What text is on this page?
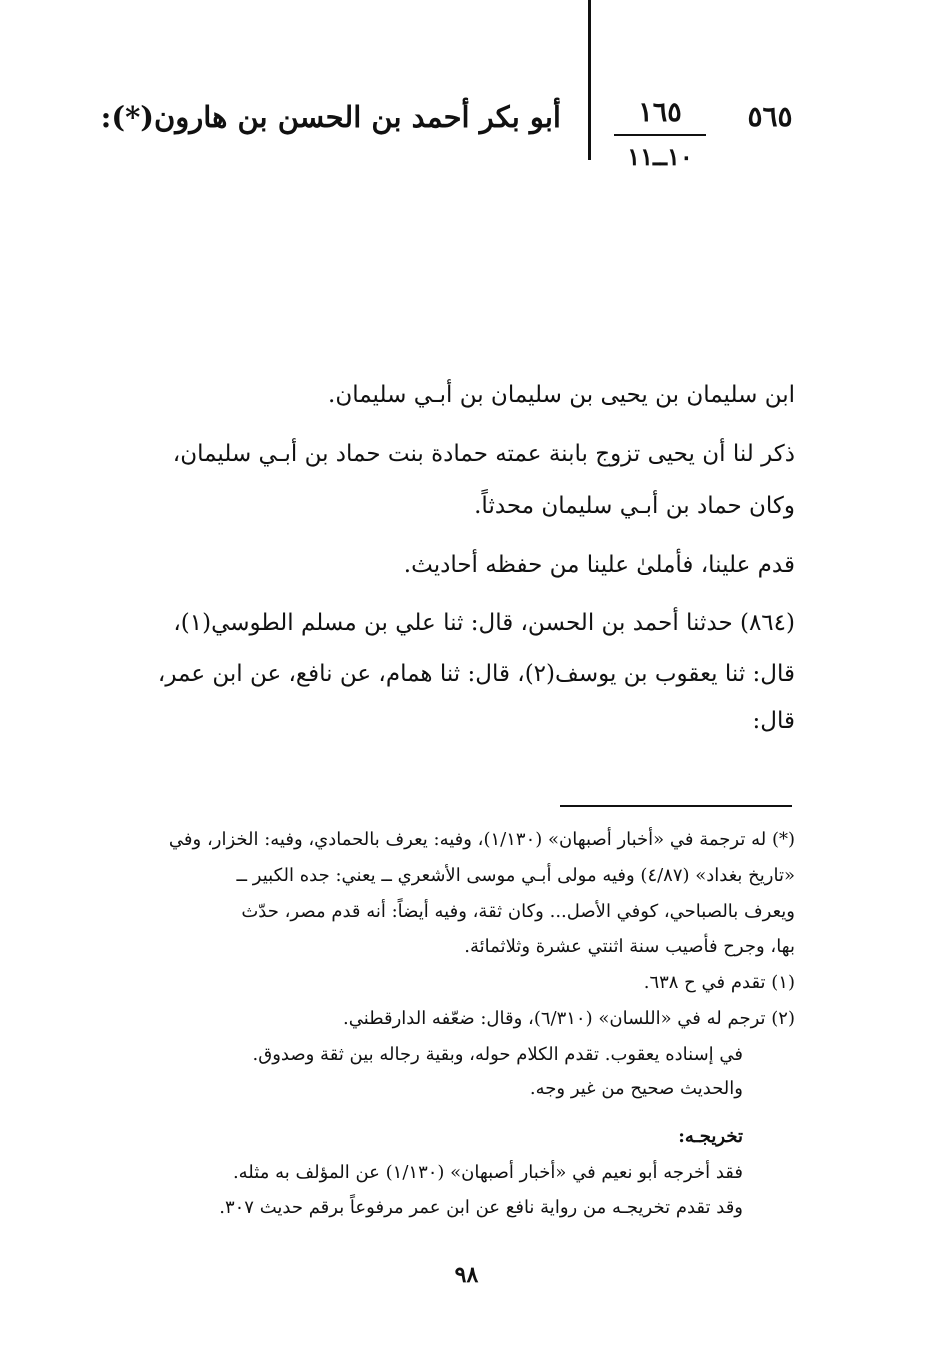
٥٦٥
١٦٥
١٠ــ١١
أبو بكر أحمد بن الحسن بن هارون(*):
ابن سليمان بن يحيى بن سليمان بن أبـي سليمان.
ذكر لنا أن يحيى تزوج بابنة عمته حمادة بنت حماد بن أبـي سليمان،
وكان حماد بن أبـي سليمان محدثاً.
قدم علينا، فأملىٰ علينا من حفظه أحاديث.
(٨٦٤) حدثنا أحمد بن الحسن، قال: ثنا علي بن مسلم الطوسي(١)،
قال: ثنا يعقوب بن يوسف(٢)، قال: ثنا همام، عن نافع، عن ابن عمر،
قال:
(*) له ترجمة في «أخبار أصبهان» (١/١٣٠)، وفيه: يعرف بالحمادي، وفيه: الخزار، وفي
«تاريخ بغداد» (٤/٨٧) وفيه مولى أبـي موسى الأشعري ــ يعني: جده الكبير ــ
ويعرف بالصباحي، كوفي الأصل... وكان ثقة، وفيه أيضاً: أنه قدم مصر، حدّث
بها، وجرح فأصيب سنة اثنتي عشرة وثلاثمائة.
(١) تقدم في ح ٦٣٨.
(٢) ترجم له في «اللسان» (٦/٣١٠)، وقال: ضعّفه الدارقطني.
في إسناده يعقوب. تقدم الكلام حوله، وبقية رجاله بين ثقة وصدوق.
والحديث صحيح من غير وجه.
تخريجـه:
فقد أخرجه أبو نعيم في «أخبار أصبهان» (١/١٣٠) عن المؤلف به مثله.
وقد تقدم تخريجـه من رواية نافع عن ابن عمر مرفوعاً برقم حديث ٣٠٧.
٩٨
